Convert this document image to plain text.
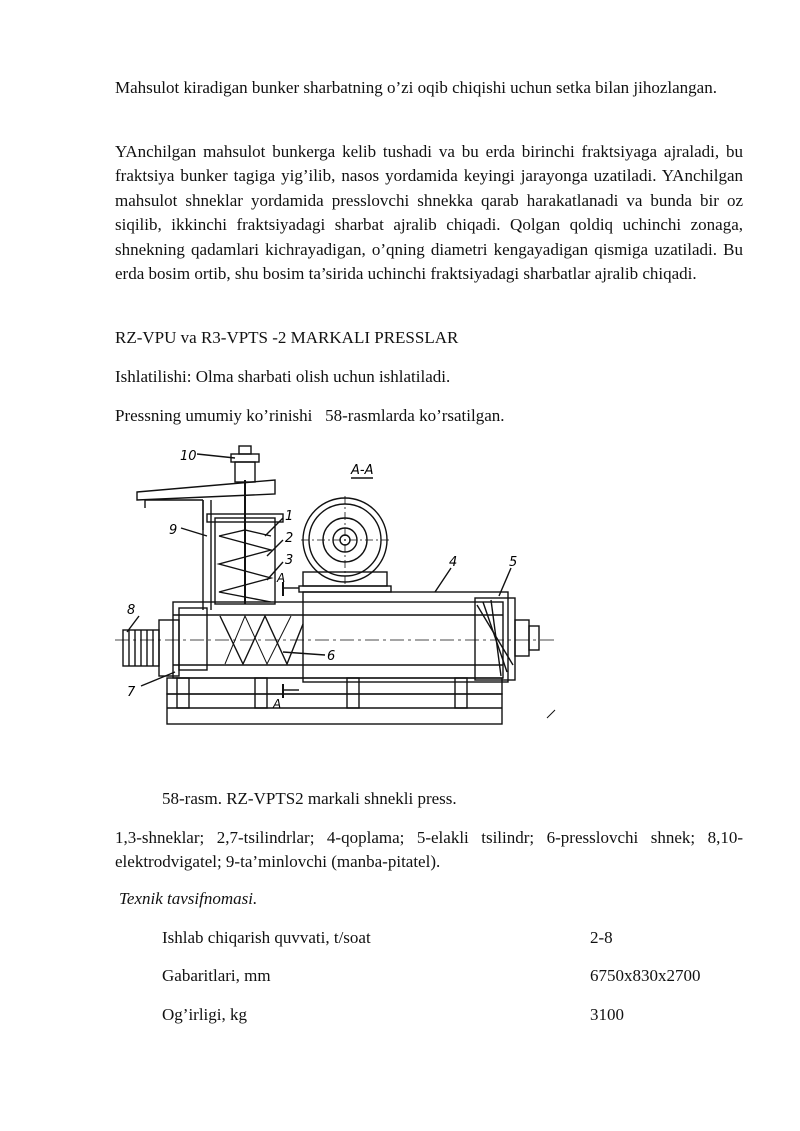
Mahsulot kiradigan bunker sharbatning o’zi oqib chiqishi uchun setka bilan jihozlangan.

YAnchilgan mahsulot bunkerga kelib tushadi va bu erda birinchi fraktsiyaga ajraladi, bu fraktsiya bunker tagiga yig’ilib, nasos yordamida keyingi jarayonga uzatiladi. YAnchilgan mahsulot shneklar yordamida presslovchi shnekka qarab harakatlanadi va bunda bir oz siqilib, ikkinchi fraktsiyadagi sharbat ajralib chiqadi. Qolgan qoldiq uchinchi zonaga, shnekning qadamlari kichrayadigan, o’qning diametri kengayadigan qismiga uzatiladi. Bu erda bosim ortib, shu bosim ta’sirida uchinchi fraktsiyadagi sharbatlar ajralib chiqadi.

RZ-VPU va R3-VPTS -2 MARKALI PRESSLAR

Ishlatilishi: Olma sharbati olish uchun ishlatiladi.

Pressning umumiy ko’rinishi   58-rasmlarda ko’rsatilgan.

10
1
2
3	4	5
6
7
8
9
A-A
A
A

58-rasm. RZ-VPTS2 markali shnekli press.

1,3-shneklar; 2,7-tsilindrlar; 4-qoplama; 5-elakli tsilindr; 6-presslovchi shnek; 8,10-elektrodvigatel; 9-ta’minlovchi (manba-pitatel).

Texnik tavsifnomasi.

Ishlab chiqarish quvvati, t/soat	2-8
Gabaritlari, mm	6750x830x2700
Og’irligi, kg	3100
